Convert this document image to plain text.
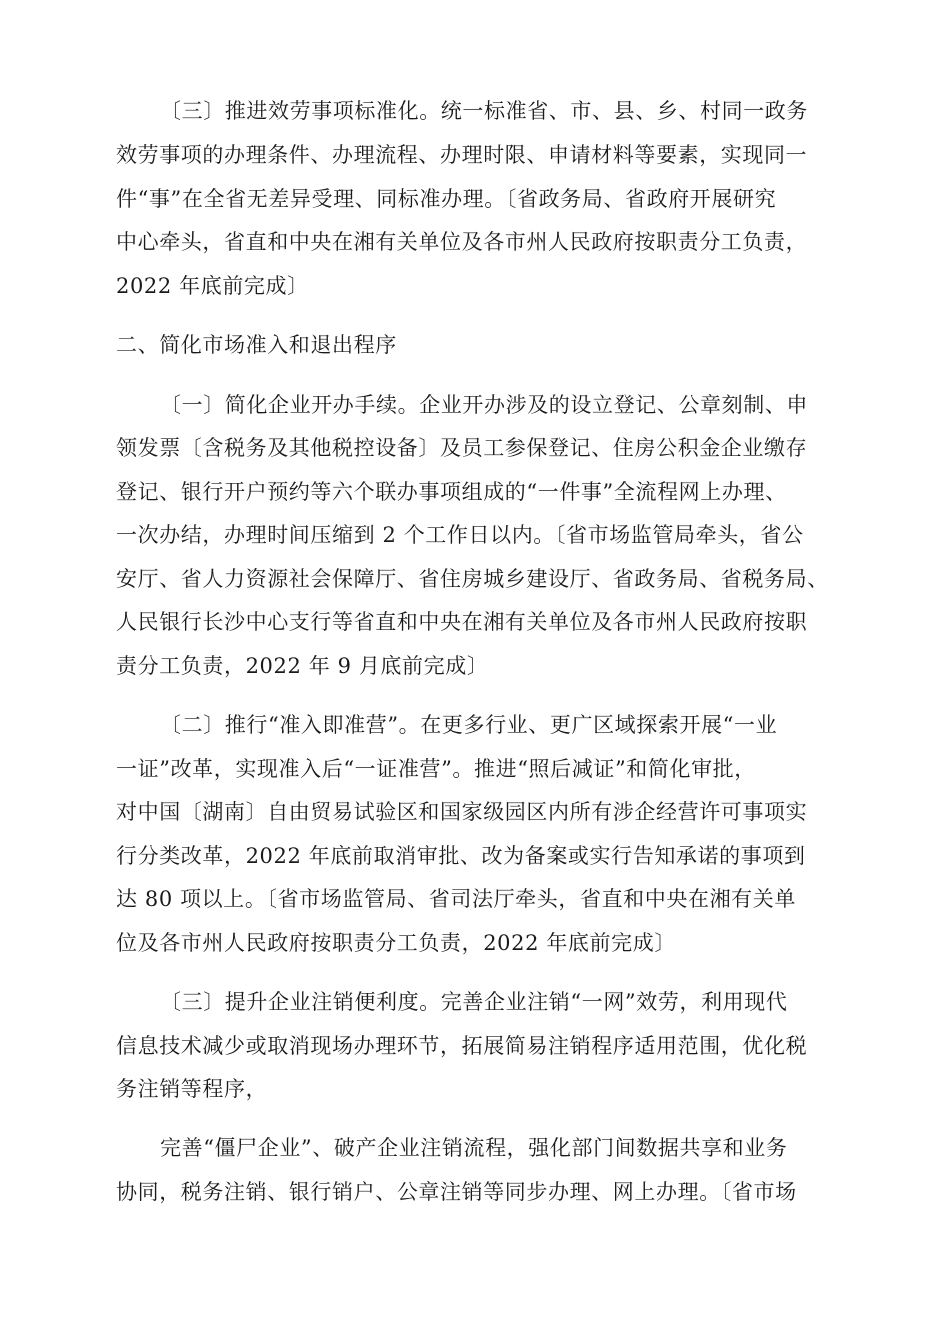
〔三〕推进效劳事项标准化。统一标准省、市、县、乡、村同一政务
效劳事项的办理条件、办理流程、办理时限、申请材料等要素，实现同一
件“事”在全省无差异受理、同标准办理。〔省政务局、省政府开展研究
中心牵头，省直和中央在湘有关单位及各市州人民政府按职责分工负责，
2022 年底前完成〕
二、简化市场准入和退出程序
〔一〕简化企业开办手续。企业开办涉及的设立登记、公章刻制、申
领发票〔含税务及其他税控设备〕及员工参保登记、住房公积金企业缴存
登记、银行开户预约等六个联办事项组成的“一件事”全流程网上办理、
一次办结，办理时间压缩到 2 个工作日以内。〔省市场监管局牵头，省公
安厅、省人力资源社会保障厅、省住房城乡建设厅、省政务局、省税务局、
人民银行长沙中心支行等省直和中央在湘有关单位及各市州人民政府按职
责分工负责，2022 年 9 月底前完成〕
〔二〕推行“准入即准营”。在更多行业、更广区域探索开展“一业
一证”改革，实现准入后“一证准营”。推进“照后减证”和简化审批，
对中国〔湖南〕自由贸易试验区和国家级园区内所有涉企经营许可事项实
行分类改革，2022 年底前取消审批、改为备案或实行告知承诺的事项到
达 80 项以上。〔省市场监管局、省司法厅牵头，省直和中央在湘有关单
位及各市州人民政府按职责分工负责，2022 年底前完成〕
〔三〕提升企业注销便利度。完善企业注销“一网”效劳，利用现代
信息技术减少或取消现场办理环节，拓展简易注销程序适用范围，优化税
务注销等程序，
完善“僵尸企业”、破产企业注销流程，强化部门间数据共享和业务
协同，税务注销、银行销户、公章注销等同步办理、网上办理。〔省市场
